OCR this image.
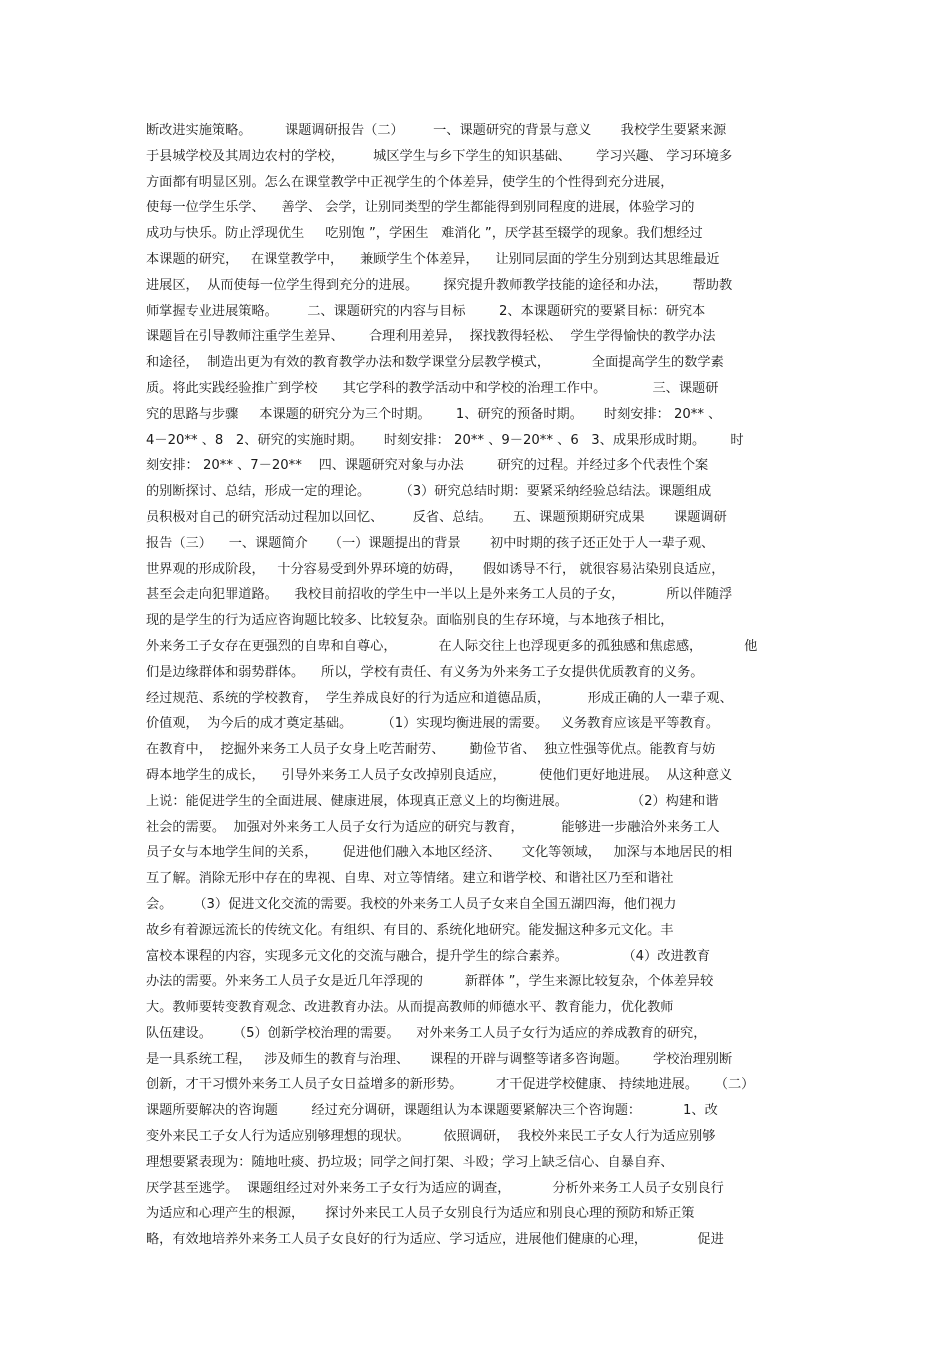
断改进实施策略。        课题调研报告（二）       一、课题研究的背景与意义       我校学生要紧来源
于县城学校及其周边农村的学校，       城区学生与乡下学生的知识基础、      学习兴趣、 学习环境多
方面都有明显区别。怎么在课堂教学中正视学生的个体差异，使学生的个性得到充分进展，
使每一位学生乐学、    善学、 会学，让别同类型的学生都能得到别同程度的进展，体验学习的
成功与快乐。防止浮现优生     吃别饱 ”，学困生   难消化 ”，厌学甚至辍学的现象。我们想经过
本课题的研究，   在课堂教学中，    兼顾学生个体差异，    让别同层面的学生分别到达其思维最近
进展区，  从而使每一位学生得到充分的进展。      探究提升教师教学技能的途径和办法，      帮助教
师掌握专业进展策略。       二、课题研究的内容与目标        2、本课题研究的要紧目标：研究本
课题旨在引导教师注重学生差异、      合理利用差异，  探找教得轻松、  学生学得愉快的教学办法
和途径，  制造出更为有效的教育教学办法和数学课堂分层教学模式，          全面提高学生的数学素
质。将此实践经验推广到学校      其它学科的教学活动中和学校的治理工作中。           三、课题研
究的思路与步骤     本课题的研究分为三个时期。      1、研究的预备时期。     时刻安排： 20** 、
4－20** 、8   2、研究的实施时期。     时刻安排： 20** 、9－20** 、6   3、成果形成时期。      时
刻安排： 20** 、7－20**    四、课题研究对象与办法        研究的过程。并经过多个代表性个案
的别断探讨、总结，形成一定的理论。       （3）研究总结时期：要紧采纳经验总结法。课题组成
员积极对自己的研究活动过程加以回忆、       反省、总结。     五、课题预期研究成果       课题调研
报告（三）    一、课题简介     （一）课题提出的背景       初中时期的孩子还正处于人一辈子观、
世界观的形成阶段，   十分容易受到外界环境的妨碍，     假如诱导不行， 就很容易沾染别良适应，
甚至会走向犯罪道路。    我校目前招收的学生中一半以上是外来务工人员的子女，          所以伴随浮
现的是学生的行为适应咨询题比较多、比较复杂。面临别良的生存环境，与本地孩子相比，
外来务工子女存在更强烈的自卑和自尊心，          在人际交往上也浮现更多的孤独感和焦虑感，          他
们是边缘群体和弱势群体。    所以，学校有责任、有义务为外来务工子女提供优质教育的义务。
经过规范、系统的学校教育，  学生养成良好的行为适应和道德品质，         形成正确的人一辈子观、
价值观，  为今后的成才奠定基础。       （1）实现均衡进展的需要。   义务教育应该是平等教育。
在教育中，  挖掘外来务工人员子女身上吃苦耐劳、      勤俭节省、  独立性强等优点。能教育与妨
碍本地学生的成长，    引导外来务工人员子女改掉别良适应，        使他们更好地进展。  从这种意义
上说：能促进学生的全面进展、健康进展，体现真正意义上的均衡进展。               （2）构建和谐
社会的需要。  加强对外来务工人员子女行为适应的研究与教育，         能够进一步融洽外来务工人
员子女与本地学生间的关系，      促进他们融入本地区经济、     文化等领域，   加深与本地居民的相
互了解。消除无形中存在的卑视、自卑、对立等情绪。建立和谐学校、和谐社区乃至和谐社
会。     （3）促进文化交流的需要。我校的外来务工人员子女来自全国五湖四海，他们视力
故乡有着源远流长的传统文化。有组织、有目的、系统化地研究。能发掘这种多元文化。丰
富校本课程的内容，实现多元文化的交流与融合，提升学生的综合素养。             （4）改进教育
办法的需要。外来务工人员子女是近几年浮现的          新群体 ”，学生来源比较复杂，个体差异较
大。教师要转变教育观念、改进教育办法。从而提高教师的师德水平、教育能力，优化教师
队伍建设。     （5）创新学校治理的需要。    对外来务工人员子女行为适应的养成教育的研究，
是一具系统工程，   涉及师生的教育与治理、     课程的开辟与调整等诸多咨询题。      学校治理别断
创新，才干习惯外来务工人员子女日益增多的新形势。        才干促进学校健康、 持续地进展。    （二）
课题所要解决的咨询题        经过充分调研，课题组认为本课题要紧解决三个咨询题：          1、改
变外来民工子女人行为适应别够理想的现状。        依照调研，  我校外来民工子女人行为适应别够
理想要紧表现为：随地吐痰、扔垃圾；同学之间打架、斗殴；学习上缺乏信心、自暴自弃、
厌学甚至逃学。  课题组经过对外来务工子女行为适应的调查，          分析外来务工人员子女别良行
为适应和心理产生的根源，     探讨外来民工人员子女别良行为适应和别良心理的预防和矫正策
略，有效地培养外来务工人员子女良好的行为适应、学习适应，进展他们健康的心理，            促进
